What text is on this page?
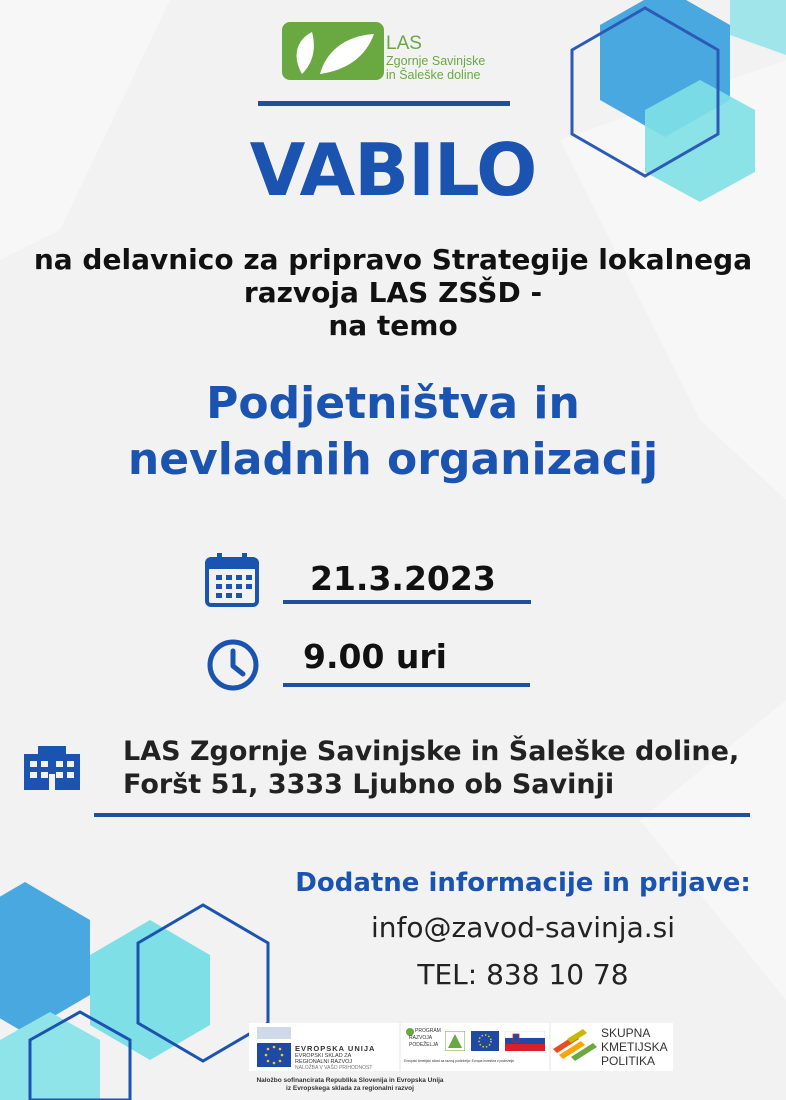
LAS
Zgornje Savinjske
in Šaleške doline
VABILO
na delavnico za pripravo Strategije lokalnega
razvoja LAS ZSŠD -
na temo
Podjetništva in
nevladnih organizacij
21.3.2023
9.00 uri
LAS Zgornje Savinjske in Šaleške doline,
Foršt 51, 3333 Ljubno ob Savinji
Dodatne informacije in prijave:
info@zavod-savinja.si
TEL: 838 10 78
EVROPSKA UNIJA
EVROPSKI SKLAD ZA
REGIONALNI RAZVOJ
NALOŽBA V VAŠO PRIHODNOST
PROGRAM
RAZVOJA
PODEŽELJA
Evropski kmetijski sklad za razvoj podeželja: Evropa investira v podeželje
SKUPNA
KMETIJSKA
POLITIKA
Naložbo sofinancirata Republika Slovenija in Evropska Unija
iz Evropskega sklada za regionalni razvoj
